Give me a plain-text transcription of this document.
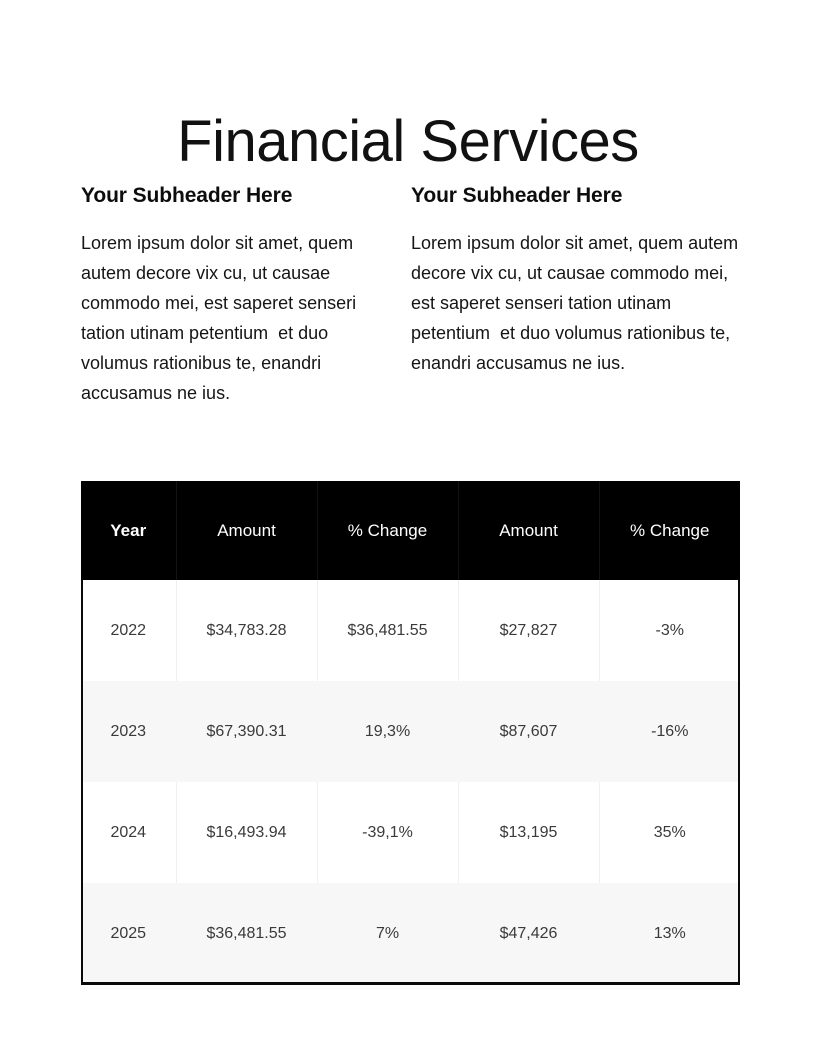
Financial Services
Your Subheader Here

Lorem ipsum dolor sit amet, quem autem decore vix cu, ut causae commodo mei, est saperet senseri tation utinam petentium  et duo volumus rationibus te, enandri accusamus ne ius.

Your Subheader Here

Lorem ipsum dolor sit amet, quem autem decore vix cu, ut causae commodo mei, est saperet senseri tation utinam petentium  et duo volumus rationibus te, enandri accusamus ne ius.

Year	Amount	% Change	Amount	% Change
2022	$34,783.28	$36,481.55	$27,827	-3%
2023	$67,390.31	19,3%	$87,607	-16%
2024	$16,493.94	-39,1%	$13,195	35%
2025	$36,481.55	7%	$47,426	13%
